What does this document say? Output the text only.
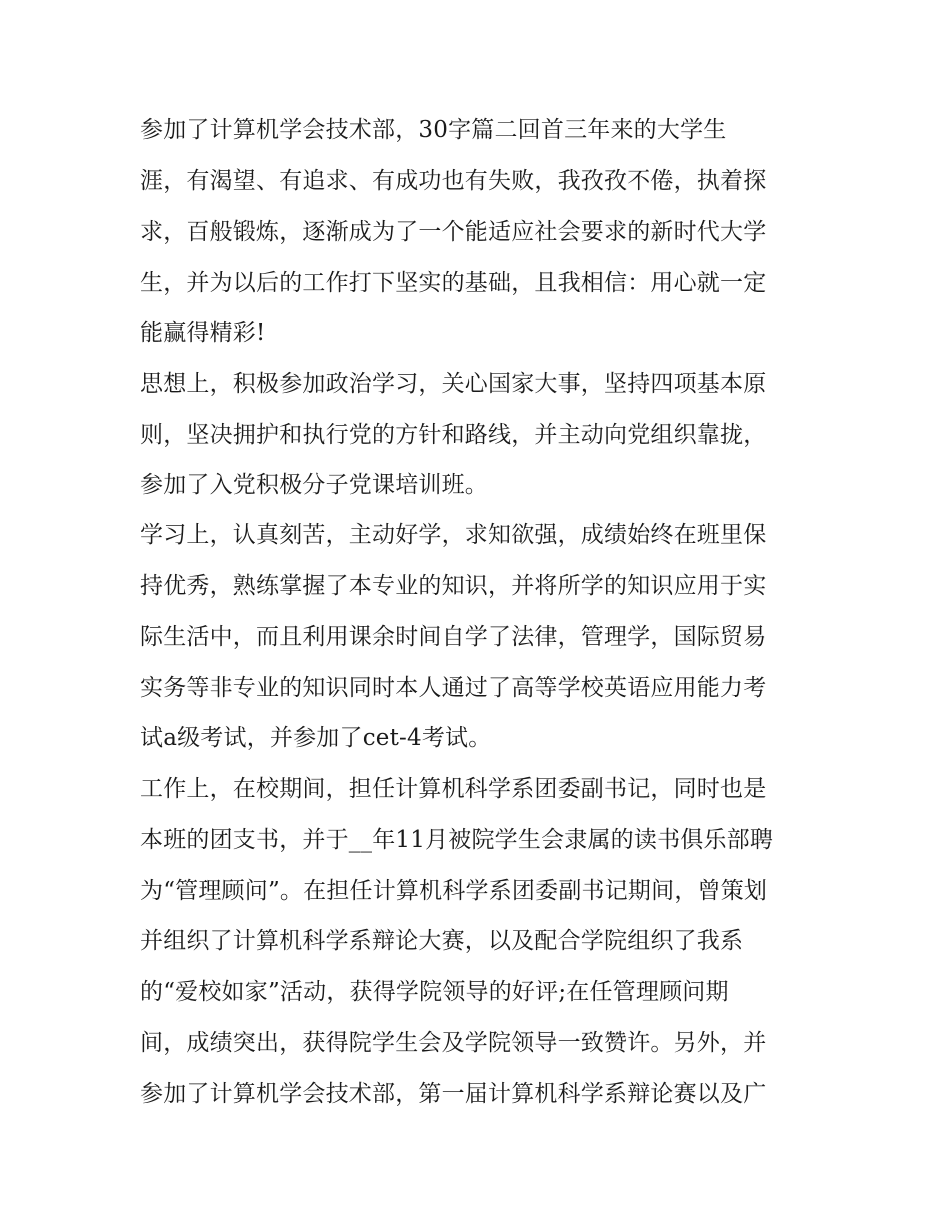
参加了计算机学会技术部，30字篇二回首三年来的大学生
涯，有渴望、有追求、有成功也有失败，我孜孜不倦，执着探
求，百般锻炼，逐渐成为了一个能适应社会要求的新时代大学
生，并为以后的工作打下坚实的基础，且我相信：用心就一定
能赢得精彩!
思想上，积极参加政治学习，关心国家大事，坚持四项基本原
则，坚决拥护和执行党的方针和路线，并主动向党组织靠拢，
参加了入党积极分子党课培训班。
学习上，认真刻苦，主动好学，求知欲强，成绩始终在班里保
持优秀，熟练掌握了本专业的知识，并将所学的知识应用于实
际生活中，而且利用课余时间自学了法律，管理学，国际贸易
实务等非专业的知识同时本人通过了高等学校英语应用能力考
试a级考试，并参加了cet-4考试。
工作上，在校期间，担任计算机科学系团委副书记，同时也是
本班的团支书，并于__年11月被院学生会隶属的读书俱乐部聘
为“管理顾问”。在担任计算机科学系团委副书记期间，曾策划
并组织了计算机科学系辩论大赛，以及配合学院组织了我系
的“爱校如家”活动，获得学院领导的好评;在任管理顾问期
间，成绩突出，获得院学生会及学院领导一致赞许。另外，并
参加了计算机学会技术部，第一届计算机科学系辩论赛以及广
